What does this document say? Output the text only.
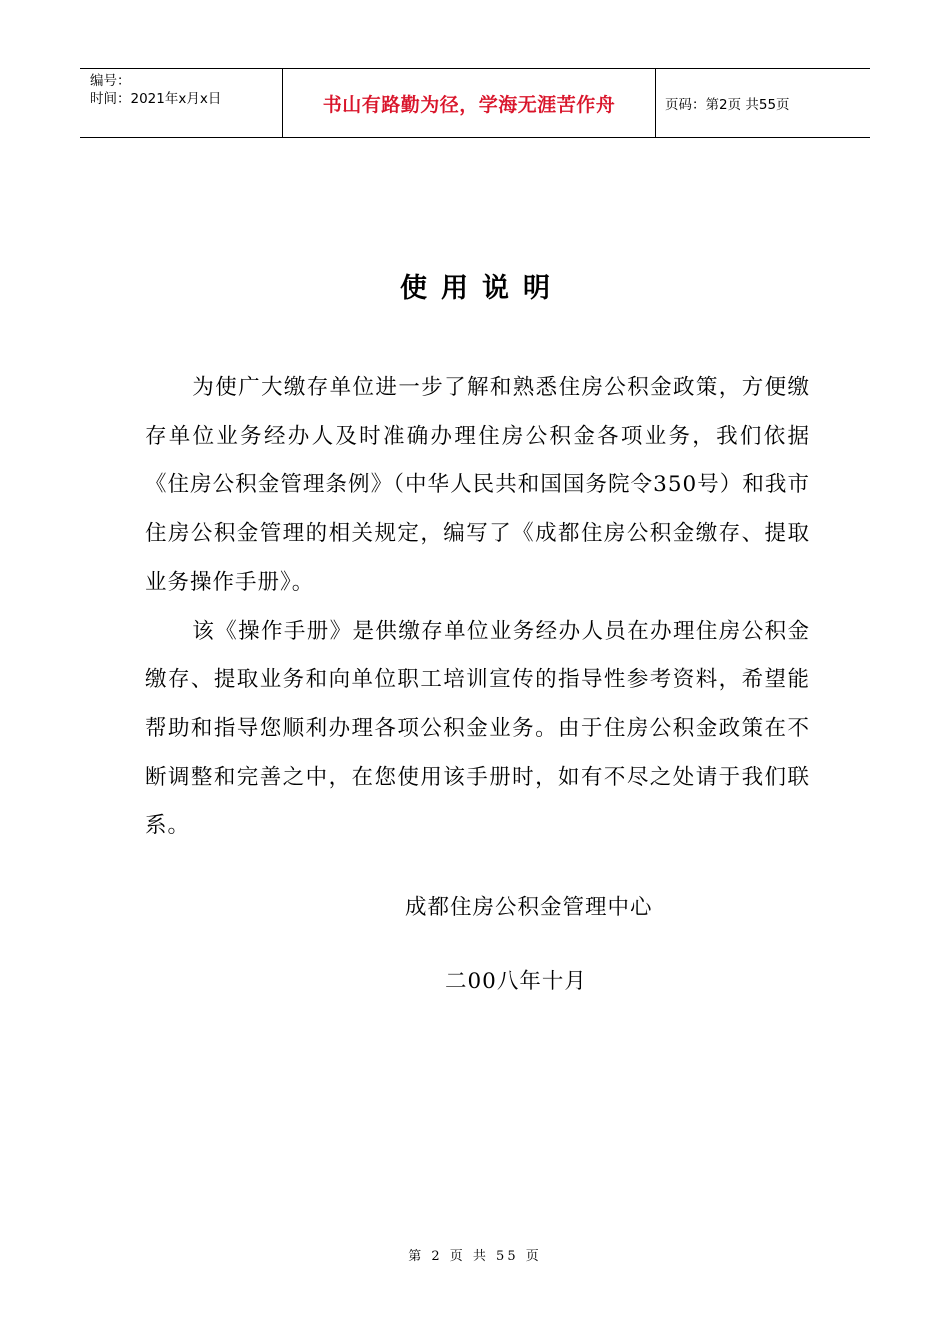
编号：
时间：2021年x月x日	书山有路勤为径，学海无涯苦作舟	页码：第2页 共55页
使用说明

为使广大缴存单位进一步了解和熟悉住房公积金政策，方便缴存单位业务经办人及时准确办理住房公积金各项业务，我们依据《住房公积金管理条例》（中华人民共和国国务院令350号）和我市住房公积金管理的相关规定，编写了《成都住房公积金缴存、提取业务操作手册》。

该《操作手册》是供缴存单位业务经办人员在办理住房公积金缴存、提取业务和向单位职工培训宣传的指导性参考资料，希望能帮助和指导您顺利办理各项公积金业务。由于住房公积金政策在不断调整和完善之中，在您使用该手册时，如有不尽之处请于我们联系。

成都住房公积金管理中心
二00八年十月
第 2 页 共 55 页
